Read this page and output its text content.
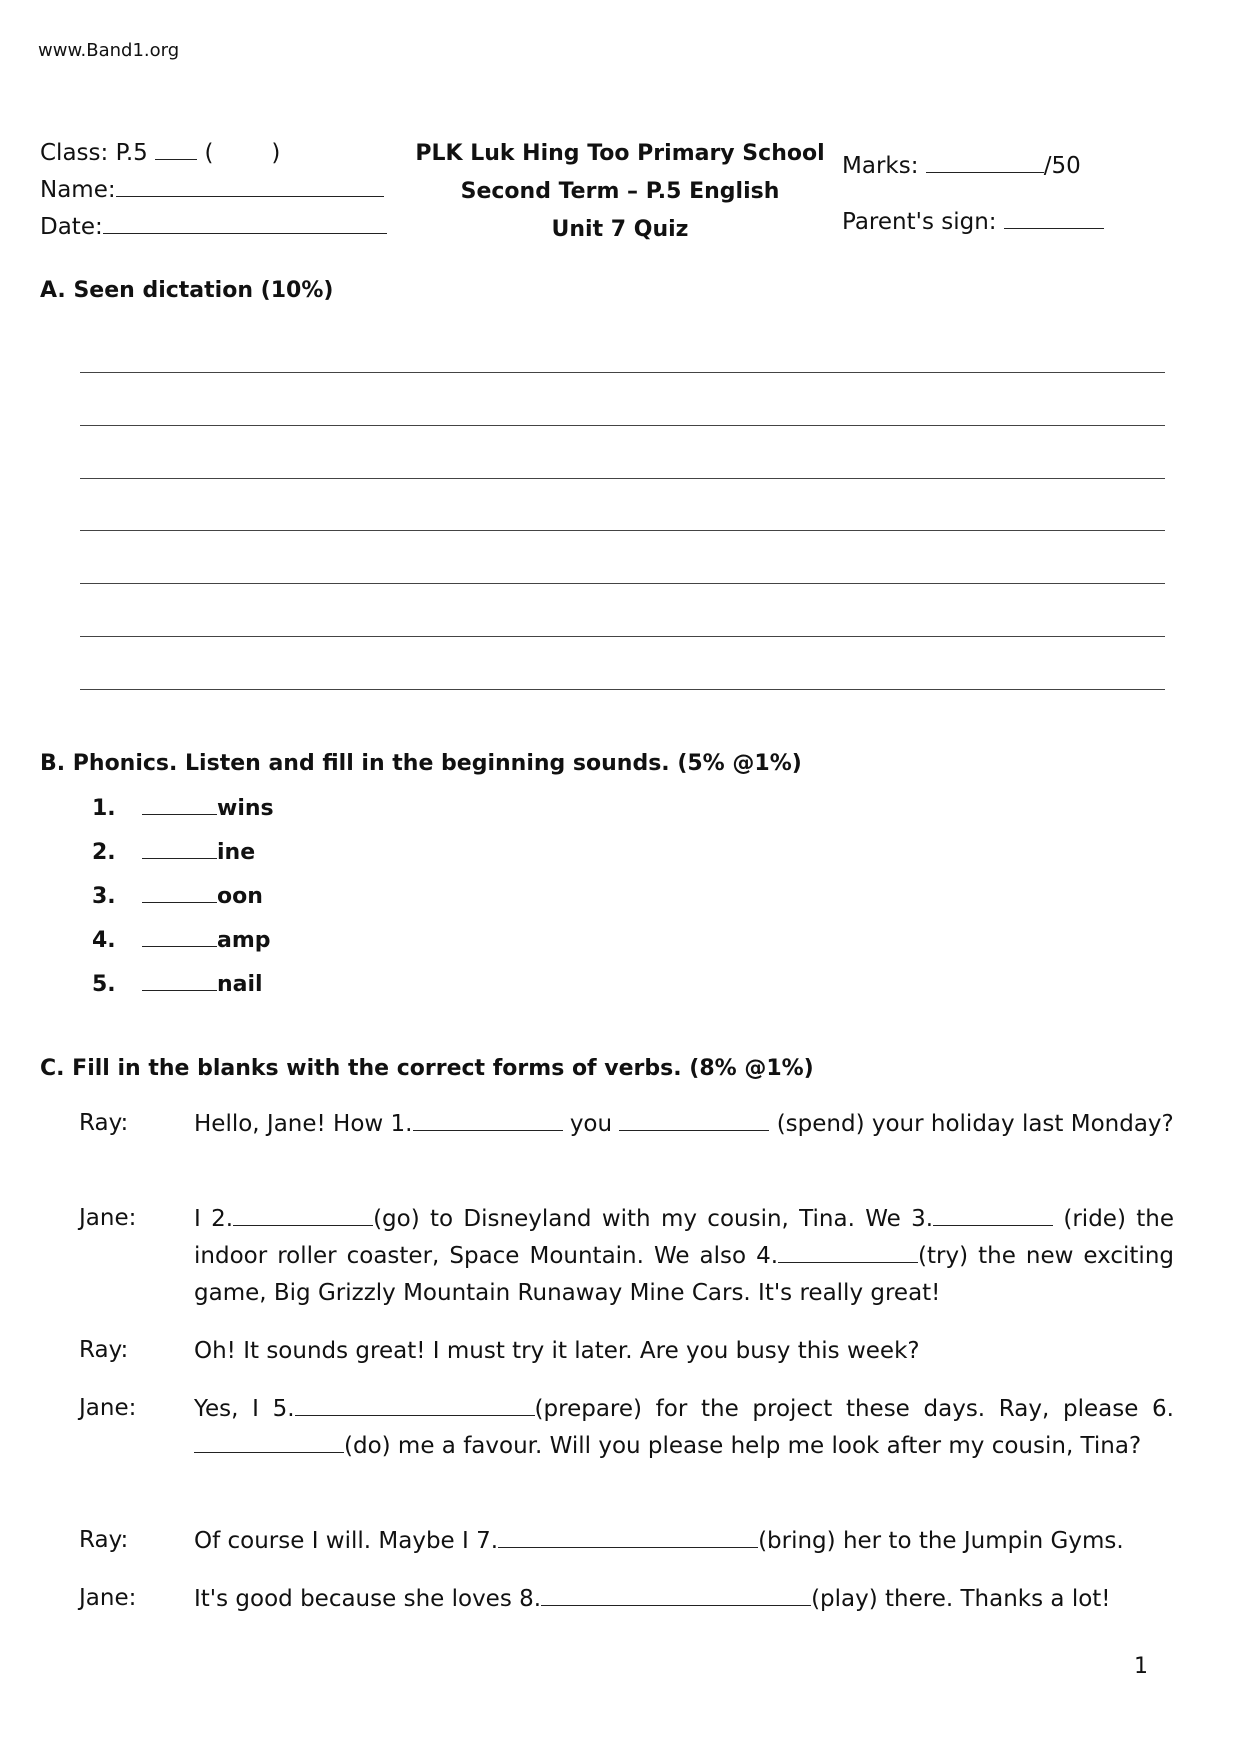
www.Band1.org
Class: P.5 (	)
Name:
Date:
PLK Luk Hing Too Primary School
Second Term – P.5 English
Unit 7 Quiz
Marks:	/50
Parent's sign:
A. Seen dictation (10%)
B. Phonics. Listen and fill in the beginning sounds. (5% @1%)
1.	wins
2.	ine
3.	oon
4.	amp
5.	nail
C. Fill in the blanks with the correct forms of verbs. (8% @1%)
Ray:	Hello, Jane! How 1.	you	(spend) your holiday last Monday?
Jane:	I 2.	(go) to Disneyland with my cousin, Tina. We 3.	(ride) the indoor roller coaster, Space Mountain. We also 4.	(try) the new exciting game, Big Grizzly Mountain Runaway Mine Cars. It's really great!
Ray:	Oh! It sounds great! I must try it later. Are you busy this week?
Jane:	Yes, I 5.	(prepare) for the project these days. Ray, please 6.(do) me a favour. Will you please help me look after my cousin, Tina?
Ray:	Of course I will. Maybe I 7.	(bring) her to the Jumpin Gyms.
Jane:	It's good because she loves 8.	(play) there. Thanks a lot!
1
